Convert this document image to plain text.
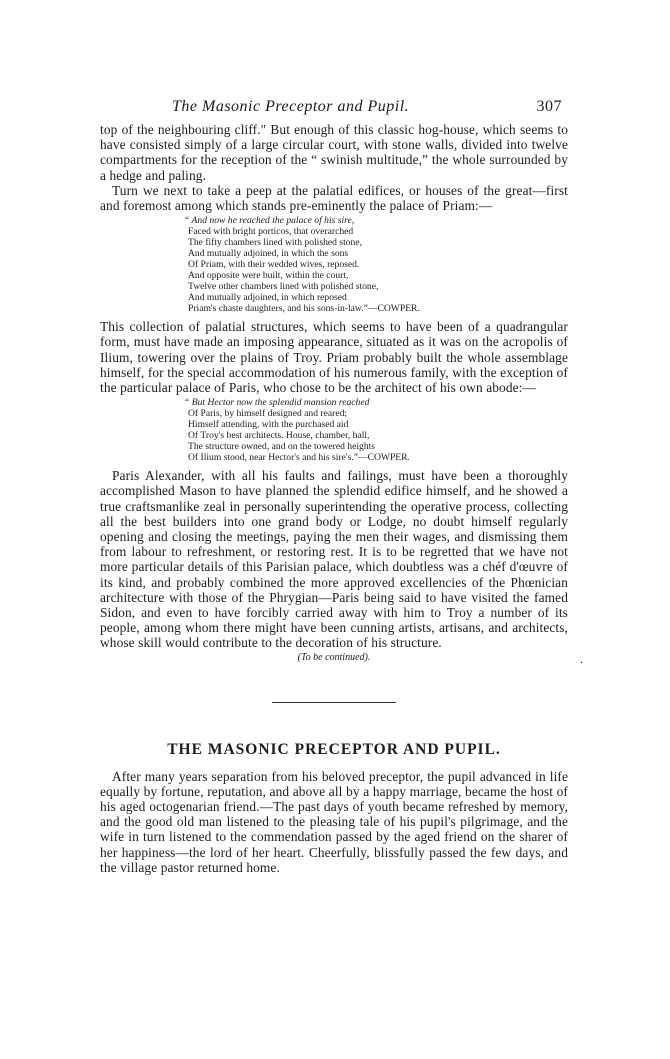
The Masonic Preceptor and Pupil.	307

top of the neighbouring cliff." But enough of this classic hog-house, which seems to have consisted simply of a large circular court, with stone walls, divided into twelve compartments for the reception of the “ swinish multitude,” the whole surrounded by a hedge and paling.

Turn we next to take a peep at the palatial edifices, or houses of the great—first and foremost among which stands pre-eminently the palace of Priam:—

“ And now he reached the palace of his sire,
Faced with bright porticos, that overarched
The fifty chambers lined with polished stone,
And mutually adjoined, in which the sons
Of Priam, with their wedded wives, reposed.
And opposite were built, within the court,
Twelve other chambers lined with polished stone,
And mutually adjoined, in which reposed
Priam's chaste daughters, and his sons-in-law.”—COWPER.

This collection of palatial structures, which seems to have been of a quadrangular form, must have made an imposing appearance, situated as it was on the acropolis of Ilium, towering over the plains of Troy. Priam probably built the whole assemblage himself, for the special accommodation of his numerous family, with the exception of the particular palace of Paris, who chose to be the architect of his own abode:—

“ But Hector now the splendid mansion reached
Of Paris, by himself designed and reared;
Himself attending, with the purchased aid
Of Troy's best architects. House, chamber, hall,
The structure owned, and on the towered heights
Of Ilium stood, near Hector's and his sire's.”—COWPER.

Paris Alexander, with all his faults and failings, must have been a thoroughly accomplished Mason to have planned the splendid edifice himself, and he showed a true craftsmanlike zeal in personally superintending the operative process, collecting all the best builders into one grand body or Lodge, no doubt himself regularly opening and closing the meetings, paying the men their wages, and dismissing them from labour to refreshment, or restoring rest. It is to be regretted that we have not more particular details of this Parisian palace, which doubtless was a chéf d'œuvre of its kind, and probably combined the more approved excellencies of the Phœnician architecture with those of the Phrygian—Paris being said to have visited the famed Sidon, and even to have forcibly carried away with him to Troy a number of its people, among whom there might have been cunning artists, artisans, and architects, whose skill would contribute to the decoration of his structure.

(To be continued).

THE MASONIC PRECEPTOR AND PUPIL.

After many years separation from his beloved preceptor, the pupil advanced in life equally by fortune, reputation, and above all by a happy marriage, became the host of his aged octogenarian friend.—The past days of youth became refreshed by memory, and the good old man listened to the pleasing tale of his pupil's pilgrimage, and the wife in turn listened to the commendation passed by the aged friend on the sharer of her happiness—the lord of her heart. Cheerfully, blissfully passed the few days, and the village pastor returned home.

.
